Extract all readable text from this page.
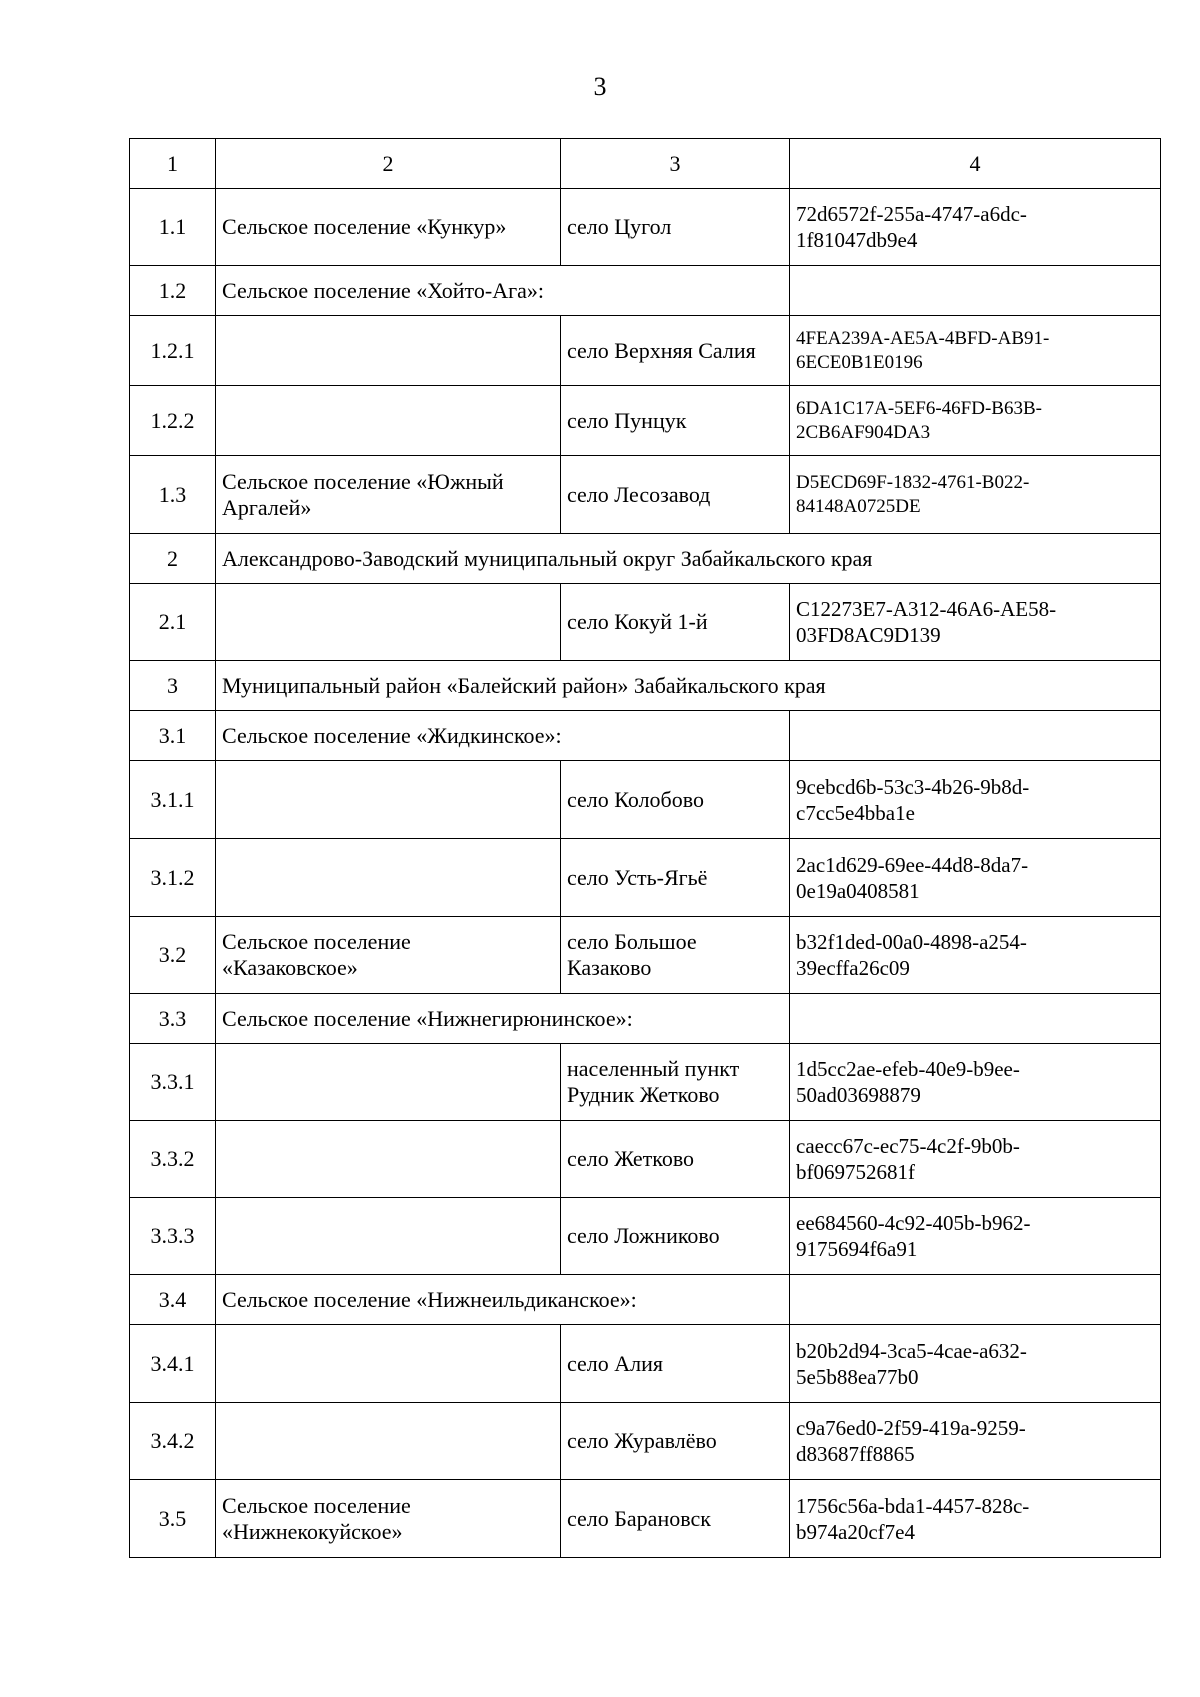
3
1	2	3	4
1.1	Сельское поселение «Кункур»	село Цугол	72d6572f-255a-4747-a6dc-
1f81047db9e4
1.2	Сельское поселение «Хойто-Ага»:		
1.2.1		село Верхняя Салия	4FEA239A-AE5A-4BFD-AB91-
6ECE0B1E0196
1.2.2		село Пунцук	6DA1C17A-5EF6-46FD-B63B-
2CB6AF904DA3
1.3	Сельское поселение «Южный
Аргалей»	село Лесозавод	D5ECD69F-1832-4761-B022-
84148A0725DE
2	Александрово-Заводский муниципальный округ Забайкальского края		
2.1		село Кокуй 1-й	C12273E7-A312-46A6-AE58-
03FD8AC9D139
3	Муниципальный район «Балейский район» Забайкальского края		
3.1	Сельское поселение «Жидкинское»:		
3.1.1		село Колобово	9cebcd6b-53c3-4b26-9b8d-
c7cc5e4bba1e
3.1.2		село Усть-Ягьё	2ac1d629-69ee-44d8-8da7-
0e19a0408581
3.2	Сельское поселение
«Казаковское»	село Большое
Казаково	b32f1ded-00a0-4898-a254-
39ecffa26c09
3.3	Сельское поселение «Нижнегирюнинское»:		
3.3.1		населенный пункт
Рудник Жетково	1d5cc2ae-efeb-40e9-b9ee-
50ad03698879
3.3.2		село Жетково	caecc67c-ec75-4c2f-9b0b-
bf069752681f
3.3.3		село Ложниково	ee684560-4c92-405b-b962-
9175694f6a91
3.4	Сельское поселение «Нижнеильдиканское»:		
3.4.1		село Алия	b20b2d94-3ca5-4cae-a632-
5e5b88ea77b0
3.4.2		село Журавлёво	c9a76ed0-2f59-419a-9259-
d83687ff8865
3.5	Сельское поселение
«Нижнекокуйское»	село Барановск	1756c56a-bda1-4457-828c-
b974a20cf7e4
